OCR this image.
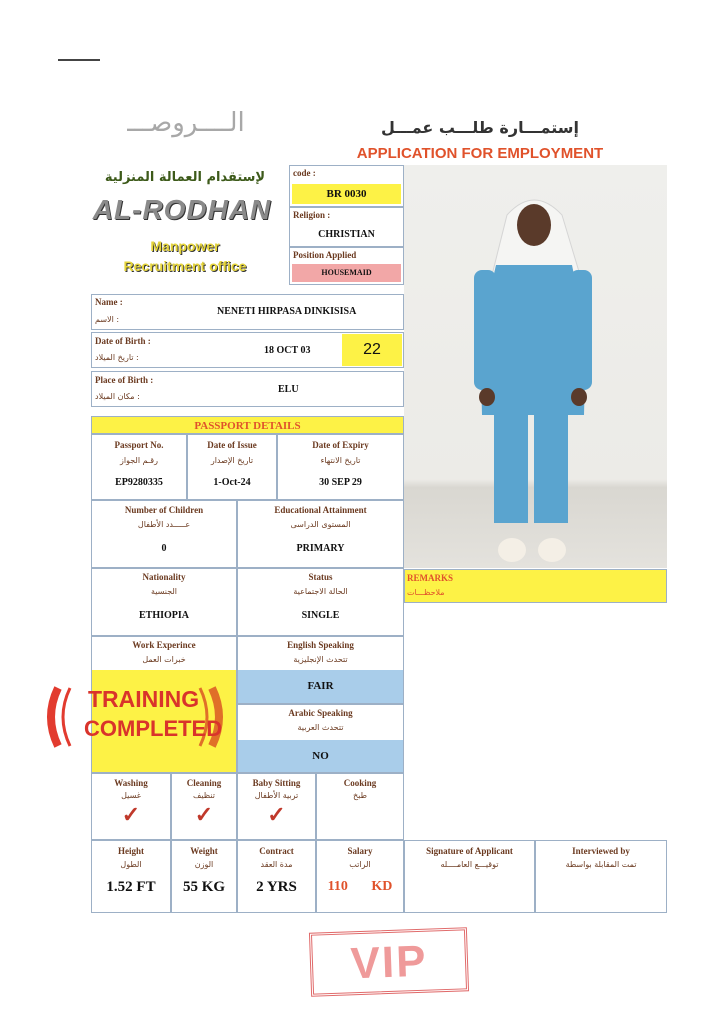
الــــروصـــ
لإستقدام العمالة المنزلية
AL-RODHAN
Manpower
Recruitment office
إستمـــارة طلـــب عمـــل
APPLICATION FOR EMPLOYMENT
code :
BR 0030
Religion :
CHRISTIAN
Position Applied
HOUSEMAID
Name :
الاسم :
NENETI HIRPASA DINKISISA
Date of Birth :
تاريخ الميلاد :
18 OCT 03	22
Place of Birth :
مكان الميلاد :
ELU
PASSPORT DETAILS
Passport No.
رقـم الجواز
EP9280335
Date of Issue
تاريخ الإصدار
1-Oct-24
Date of Expiry
تاريخ الانتهاء
30 SEP 29
Number of Children
عـــــدد الأطفال
0
Educational Attainment
المستوى الدراسى
PRIMARY
Nationality
الجنسية
ETHIOPIA
Status
الحالة الاجتماعية
SINGLE
REMARKS
ملاحظـــات
Work Experince
خبرات العمل
English Speaking
تتحدث الإنجليزية
FAIR
Arabic Speaking
تتحدث العربية
NO
TRAINING
COMPLETED
Washing
غسيل
✓
Cleaning
تنظيف
✓
Baby Sitting
تربية الأطفال
✓
Cooking
طبخ
Height
الطول
1.52 FT
Weight
الوزن
55 KG
Contract
مدة العقد
2 YRS
Salary
الراتب
110 KD
Signature of Applicant
توقيـــع العامــــله
Interviewed by
تمت المقابلة بواسطة
VIP
